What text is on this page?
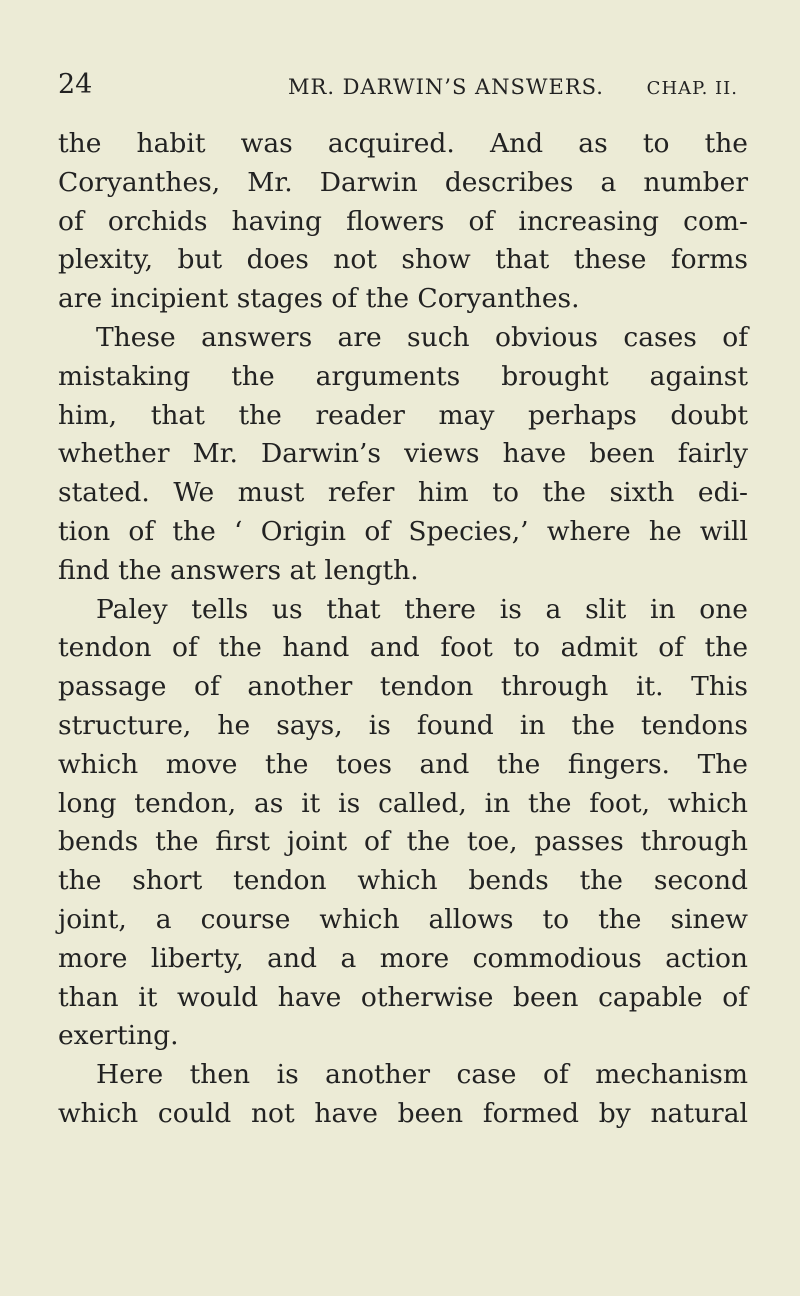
24	MR. DARWIN’S ANSWERS. CHAP. II.
the habit was acquired. And as to the
Coryanthes, Mr. Darwin describes a number
of orchids having flowers of increasing com-
plexity, but does not show that these forms
are incipient stages of the Coryanthes.
These answers are such obvious cases of
mistaking the arguments brought against
him, that the reader may perhaps doubt
whether Mr. Darwin’s views have been fairly
stated. We must refer him to the sixth edi-
tion of the ‘ Origin of Species,’ where he will
find the answers at length.
Paley tells us that there is a slit in one
tendon of the hand and foot to admit of the
passage of another tendon through it. This
structure, he says, is found in the tendons
which move the toes and the fingers. The
long tendon, as it is called, in the foot, which
bends the first joint of the toe, passes through
the short tendon which bends the second
joint, a course which allows to the sinew
more liberty, and a more commodious action
than it would have otherwise been capable of
exerting.
Here then is another case of mechanism
which could not have been formed by natural
